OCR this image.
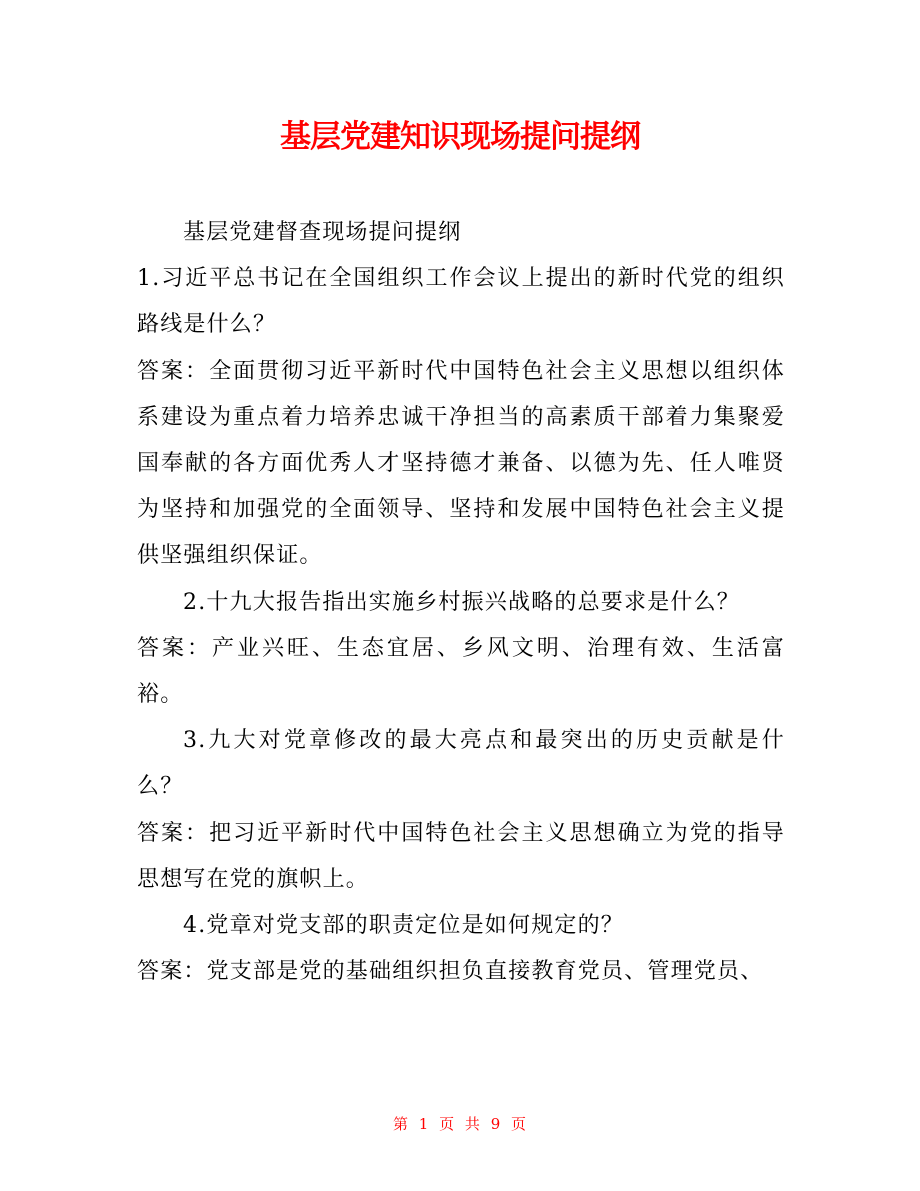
基层党建知识现场提问提纲

基层党建督查现场提问提纲

1.习近平总书记在全国组织工作会议上提出的新时代党的组织路线是什么？

答案：全面贯彻习近平新时代中国特色社会主义思想以组织体系建设为重点着力培养忠诚干净担当的高素质干部着力集聚爱国奉献的各方面优秀人才坚持德才兼备、以德为先、任人唯贤为坚持和加强党的全面领导、坚持和发展中国特色社会主义提供坚强组织保证。

2.十九大报告指出实施乡村振兴战略的总要求是什么？

答案：产业兴旺、生态宜居、乡风文明、治理有效、生活富裕。

3.九大对党章修改的最大亮点和最突出的历史贡献是什么？

答案：把习近平新时代中国特色社会主义思想确立为党的指导思想写在党的旗帜上。

4.党章对党支部的职责定位是如何规定的？

答案：党支部是党的基础组织担负直接教育党员、管理党员、

第 1 页 共 9 页
